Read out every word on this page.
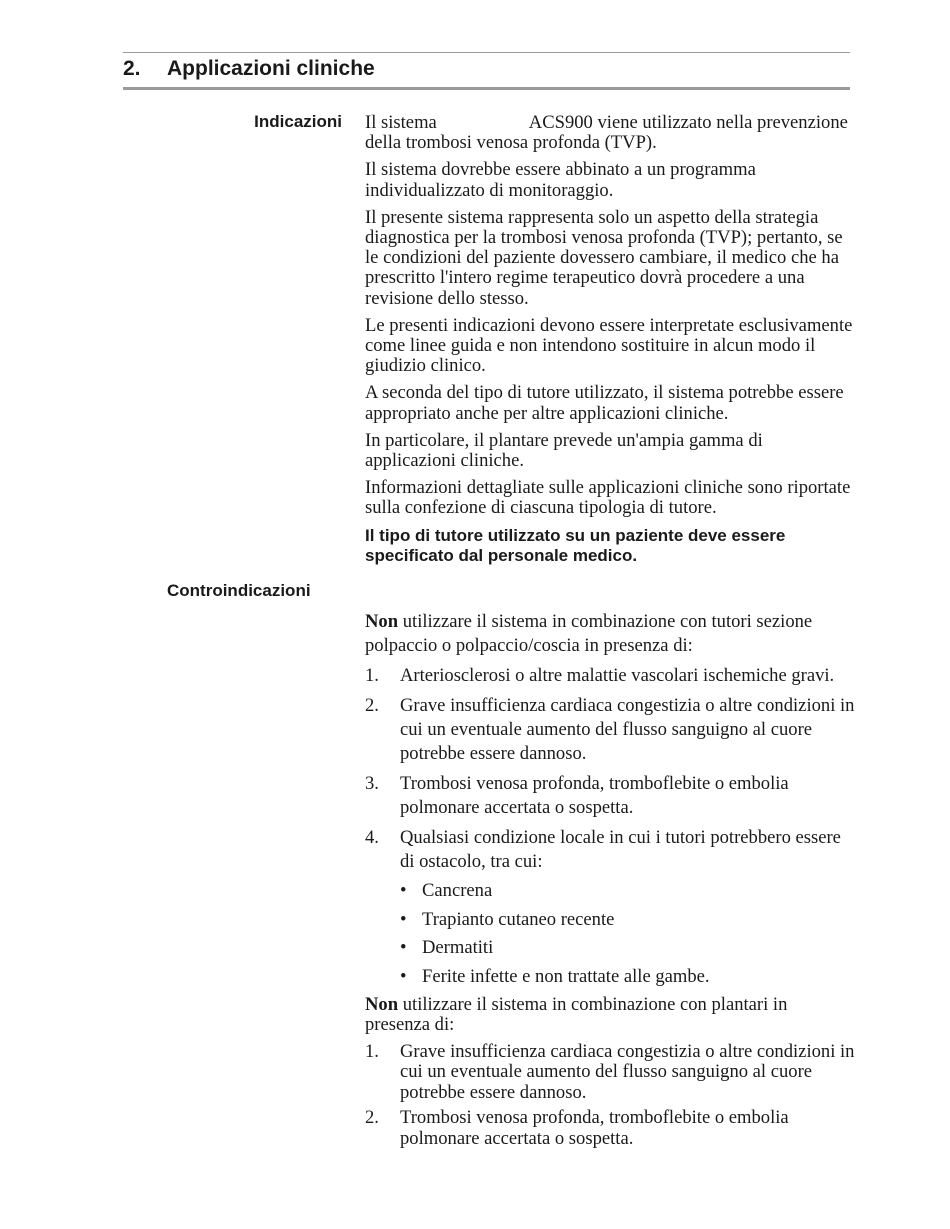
2. Applicazioni cliniche
Indicazioni Il sistema	ACS900 viene utilizzato nella prevenzione della trombosi venosa profonda (TVP).

Il sistema dovrebbe essere abbinato a un programma individualizzato di monitoraggio.

Il presente sistema rappresenta solo un aspetto della strategia diagnostica per la trombosi venosa profonda (TVP); pertanto, se le condizioni del paziente dovessero cambiare, il medico che ha prescritto l'intero regime terapeutico dovrà procedere a una revisione dello stesso.

Le presenti indicazioni devono essere interpretate esclusivamente come linee guida e non intendono sostituire in alcun modo il giudizio clinico.

A seconda del tipo di tutore utilizzato, il sistema potrebbe essere appropriato anche per altre applicazioni cliniche.

In particolare, il plantare prevede un'ampia gamma di applicazioni cliniche.

Informazioni dettagliate sulle applicazioni cliniche sono riportate sulla confezione di ciascuna tipologia di tutore.

Il tipo di tutore utilizzato su un paziente deve essere specificato dal personale medico.

Controindicazioni

Non utilizzare il sistema in combinazione con tutori sezione polpaccio o polpaccio/coscia in presenza di:

1. Arteriosclerosi o altre malattie vascolari ischemiche gravi.
2. Grave insufficienza cardiaca congestizia o altre condizioni in cui un eventuale aumento del flusso sanguigno al cuore potrebbe essere dannoso.
3. Trombosi venosa profonda, tromboflebite o embolia polmonare accertata o sospetta.
4. Qualsiasi condizione locale in cui i tutori potrebbero essere di ostacolo, tra cui:
• Cancrena
• Trapianto cutaneo recente
• Dermatiti
• Ferite infette e non trattate alle gambe.

Non utilizzare il sistema in combinazione con plantari in presenza di:

1. Grave insufficienza cardiaca congestizia o altre condizioni in cui un eventuale aumento del flusso sanguigno al cuore potrebbe essere dannoso.
2. Trombosi venosa profonda, tromboflebite o embolia polmonare accertata o sospetta.
